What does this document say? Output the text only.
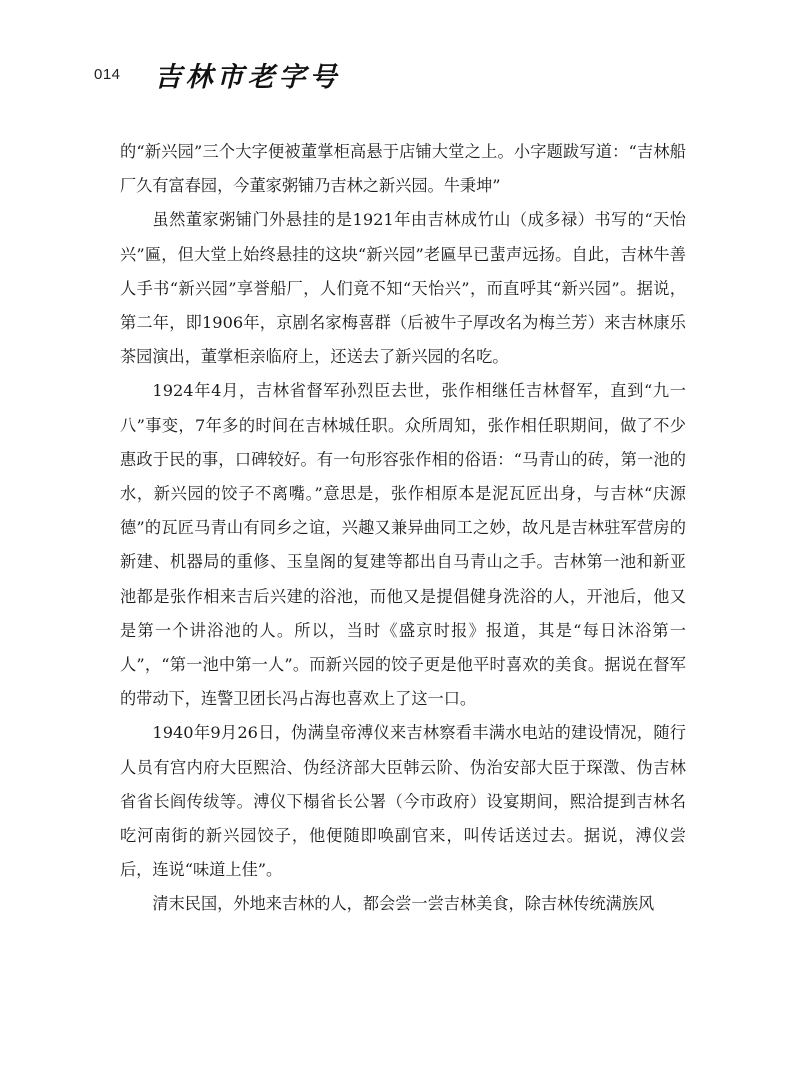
014 吉林市老字号

的“新兴园”三个大字便被董掌柜高悬于店铺大堂之上。小字题跋写道：“吉林船厂久有富春园，今董家粥铺乃吉林之新兴园。牛秉坤”

虽然董家粥铺门外悬挂的是1921年由吉林成竹山（成多禄）书写的“天怡兴”匾，但大堂上始终悬挂的这块“新兴园”老匾早已蜚声远扬。自此，吉林牛善人手书“新兴园”享誉船厂，人们竟不知“天怡兴”，而直呼其“新兴园”。据说，第二年，即1906年，京剧名家梅喜群（后被牛子厚改名为梅兰芳）来吉林康乐茶园演出，董掌柜亲临府上，还送去了新兴园的名吃。

1924年4月，吉林省督军孙烈臣去世，张作相继任吉林督军，直到“九一八”事变，7年多的时间在吉林城任职。众所周知，张作相任职期间，做了不少惠政于民的事，口碑较好。有一句形容张作相的俗语：“马青山的砖，第一池的水，新兴园的饺子不离嘴。”意思是，张作相原本是泥瓦匠出身，与吉林“庆源德”的瓦匠马青山有同乡之谊，兴趣又兼异曲同工之妙，故凡是吉林驻军营房的新建、机器局的重修、玉皇阁的复建等都出自马青山之手。吉林第一池和新亚池都是张作相来吉后兴建的浴池，而他又是提倡健身洗浴的人，开池后，他又是第一个讲浴池的人。所以，当时《盛京时报》报道，其是“每日沐浴第一人”，“第一池中第一人”。而新兴园的饺子更是他平时喜欢的美食。据说在督军的带动下，连警卫团长冯占海也喜欢上了这一口。

1940年9月26日，伪满皇帝溥仪来吉林察看丰满水电站的建设情况，随行人员有宫内府大臣熙洽、伪经济部大臣韩云阶、伪治安部大臣于琛澂、伪吉林省省长阎传绂等。溥仪下榻省长公署（今市政府）设宴期间，熙洽提到吉林名吃河南街的新兴园饺子，他便随即唤副官来，叫传话送过去。据说，溥仪尝后，连说“味道上佳”。

清末民国，外地来吉林的人，都会尝一尝吉林美食，除吉林传统满族风
